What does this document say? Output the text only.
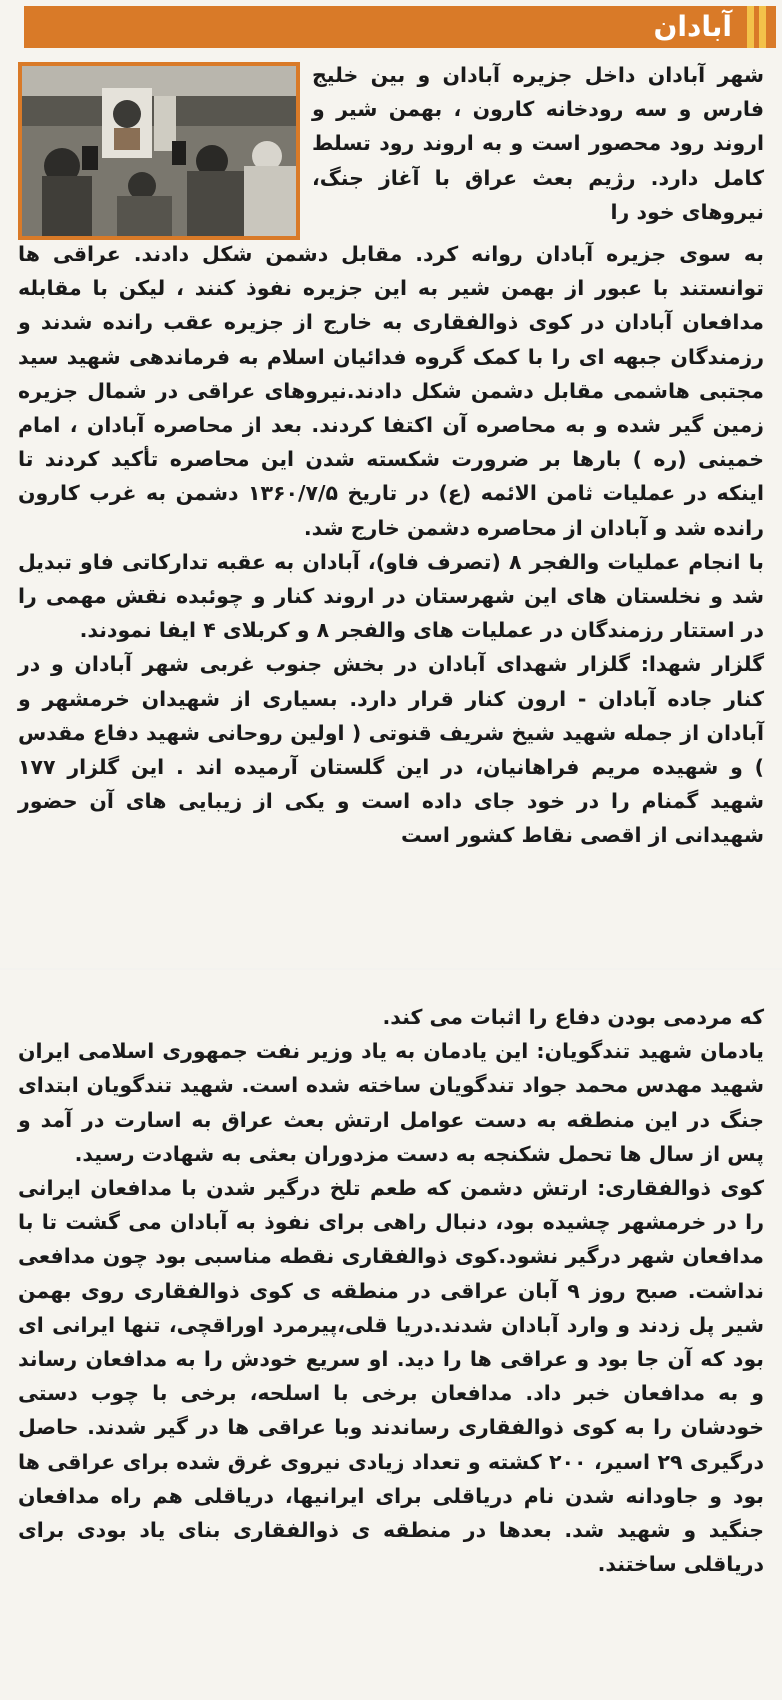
آبادان

شهر آبادان داخل جزیره آبادان و بین خلیج فارس و سه رودخانه کارون ، بهمن شیر و اروند رود محصور است و به اروند رود تسلط کامل دارد. رژیم بعث عراق با آغاز جنگ، نیروهای خود را

به سوی جزیره آبادان روانه کرد. مقابل دشمن شکل دادند. عراقی ها توانستند با عبور از بهمن شیر به این جزیره نفوذ کنند ، لیکن با مقابله مدافعان آبادان در کوی ذوالفقاری به خارج از جزیره عقب رانده شدند و رزمندگان جبهه ای را با کمک گروه فدائیان اسلام به فرماندهی شهید سید مجتبی هاشمی مقابل دشمن شکل دادند.نیروهای عراقی در شمال جزیره زمین گیر شده و به محاصره آن اکتفا کردند. بعد از محاصره آبادان ، امام خمینی (ره ) بارها بر ضرورت شکسته شدن این محاصره تأکید کردند تا اینکه در عملیات ثامن الائمه (ع) در تاریخ ۱۳۶۰/۷/۵ دشمن به غرب کارون رانده شد و آبادان از محاصره دشمن خارج شد.

با انجام عملیات والفجر ۸ (تصرف فاو)، آبادان به عقبه تدارکاتی فاو تبدیل شد و نخلستان های این شهرستان در اروند کنار و چوئبده نقش مهمی را در استتار رزمندگان در عملیات های والفجر ۸ و کربلای ۴ ایفا نمودند.

گلزار شهدا: گلزار شهدای آبادان در بخش جنوب غربی شهر آبادان و در کنار جاده آبادان - ارون کنار قرار دارد. بسیاری از شهیدان خرمشهر و آبادان از جمله شهید شیخ شریف قنوتی ( اولین روحانی شهید دفاع مقدس ) و شهیده مریم فراهانیان، در این گلستان آرمیده اند . این گلزار ۱۷۷ شهید گمنام را در خود جای داده است و یکی از زیبایی های آن حضور شهیدانی از اقصی نقاط کشور است

که مردمی بودن دفاع را اثبات می کند.

یادمان شهید تندگویان: این یادمان به یاد وزیر نفت جمهوری اسلامی ایران شهید مهدس محمد جواد تندگویان ساخته شده است. شهید تندگویان ابتدای جنگ در این منطقه به دست عوامل ارتش بعث عراق به اسارت در آمد و پس از سال ها تحمل شکنجه به دست مزدوران بعثی به شهادت رسید.

کوی ذوالفقاری: ارتش دشمن که طعم تلخ درگیر شدن با مدافعان ایرانی را در خرمشهر چشیده بود، دنبال راهی برای نفوذ به آبادان می گشت تا با مدافعان شهر درگیر نشود.کوی ذوالفقاری نقطه مناسبی بود چون مدافعی نداشت. صبح روز ۹ آبان عراقی در منطقه ی کوی ذوالفقاری روی بهمن شیر پل زدند و وارد آبادان شدند.دریا قلی،پیرمرد اوراقچی، تنها ایرانی ای بود که آن جا بود و عراقی ها را دید. او سریع خودش را به مدافعان رساند و به مدافعان خبر داد. مدافعان برخی با اسلحه، برخی با چوب دستی خودشان را به کوی ذوالفقاری رساندند وبا عراقی ها در گیر شدند. حاصل درگیری ۲۹ اسیر، ۲۰۰ کشته و تعداد زیادی نیروی غرق شده برای عراقی ها بود و جاودانه شدن نام دریاقلی برای ایرانیها، دریاقلی هم راه مدافعان جنگید و شهید شد. بعدها در منطقه ی ذوالفقاری بنای یاد بودی برای دریاقلی ساختند.
